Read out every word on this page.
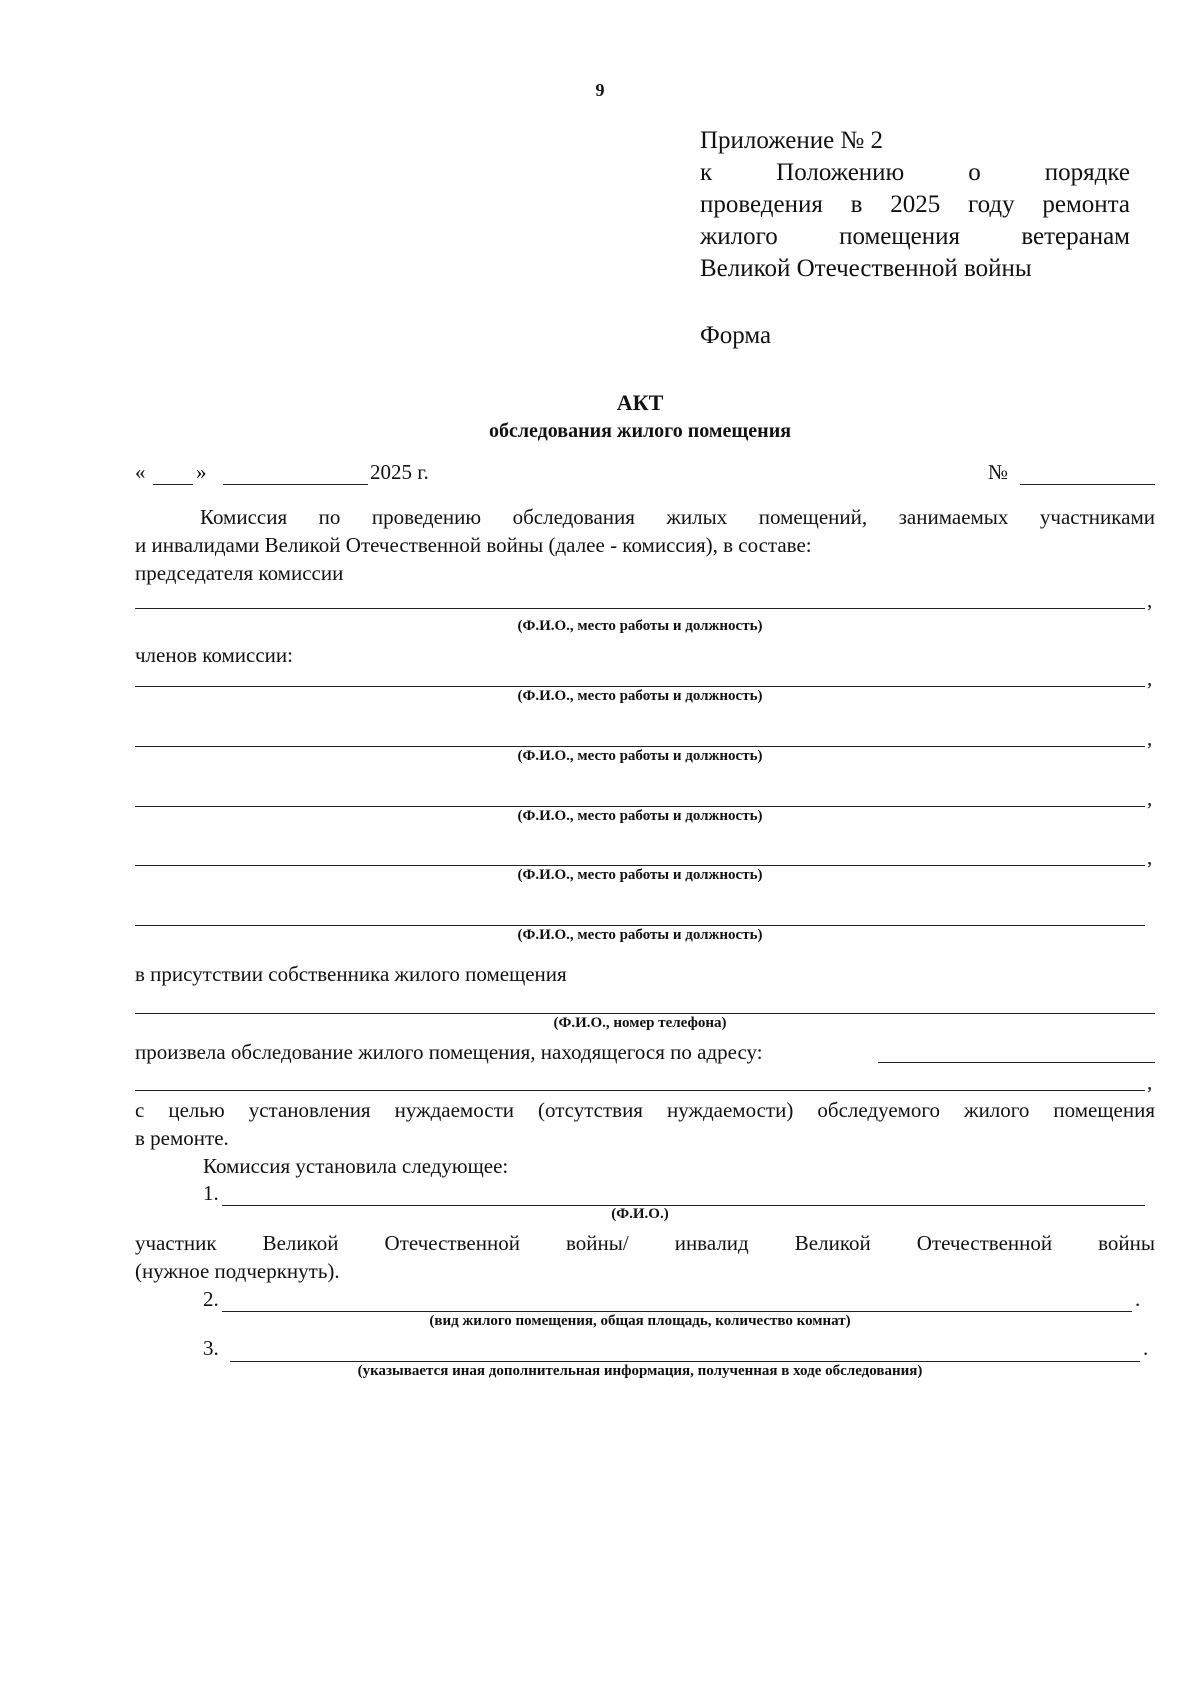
9
Приложение № 2
к Положению о порядке
проведения в 2025 году ремонта
жилого помещения ветеранам
Великой Отечественной войны
Форма
АКТ
обследования жилого помещения
« »	2025 г.	№
Комиссия по проведению обследования жилых помещений, занимаемых участниками
и инвалидами Великой Отечественной войны (далее - комиссия), в составе:
председателя комиссии
,
(Ф.И.О., место работы и должность)
членов комиссии:
,
(Ф.И.О., место работы и должность)
,
(Ф.И.О., место работы и должность)
,
(Ф.И.О., место работы и должность)
,
(Ф.И.О., место работы и должность)
(Ф.И.О., место работы и должность)
в присутствии собственника жилого помещения
(Ф.И.О., номер телефона)
произвела обследование жилого помещения, находящегося по адресу:
,
с целью установления нуждаемости (отсутствия нуждаемости) обследуемого жилого помещения
в ремонте.
Комиссия установила следующее:
1.
(Ф.И.О.)
участник Великой Отечественной войны/ инвалид Великой Отечественной войны
(нужное подчеркнуть).
2.	.
(вид жилого помещения, общая площадь, количество комнат)
3.	.
(указывается иная дополнительная информация, полученная в ходе обследования)
